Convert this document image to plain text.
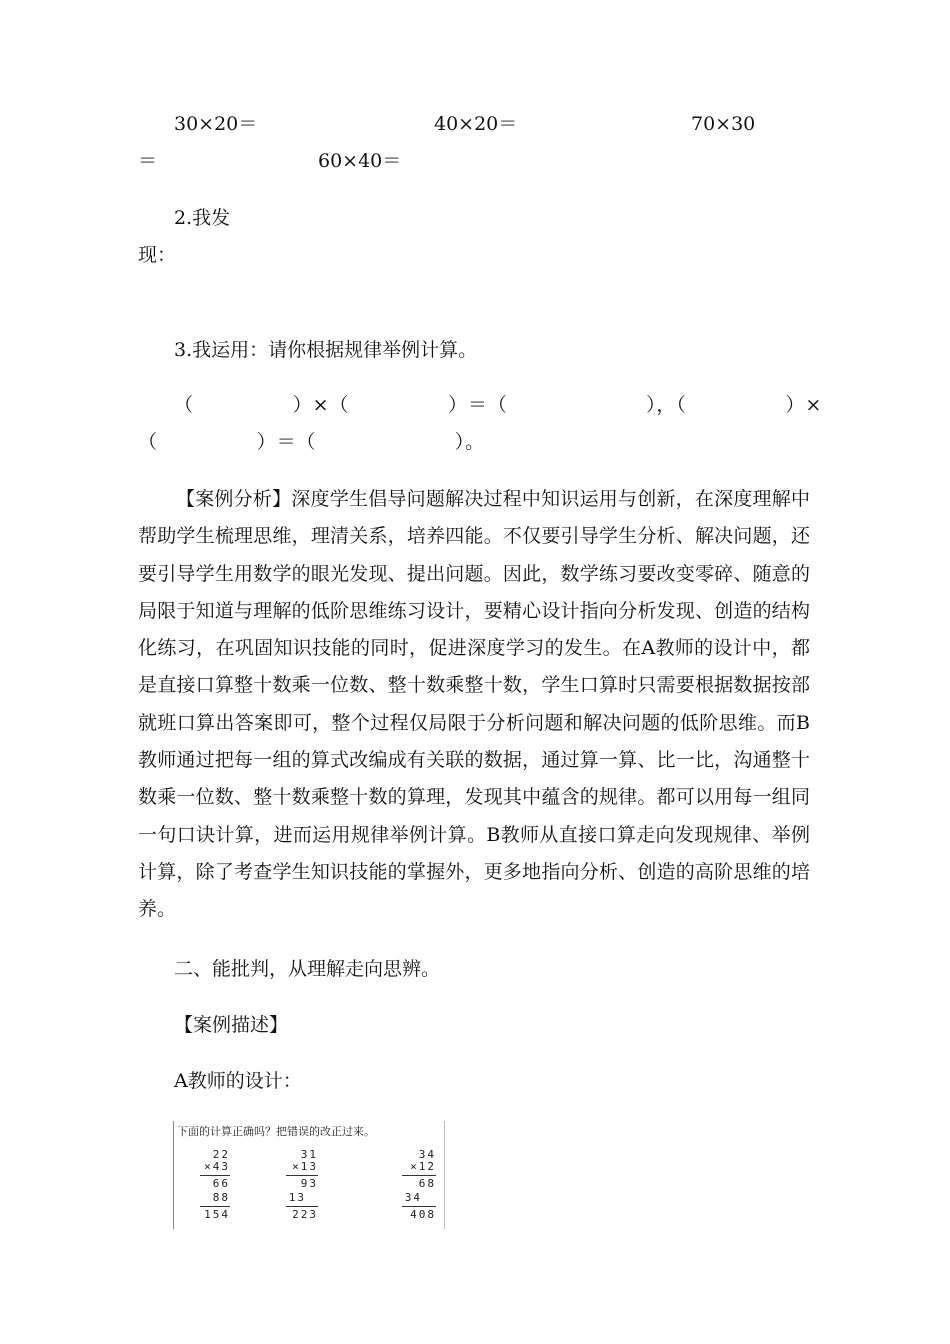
30×20＝	40×20＝	70×30
＝	60×40＝
2.我发
现：
3.我运用：请你根据规律举例计算。
（　　　　　）×（　　　　　）＝（　　　　　　　），（　　　　　）×
（　　　　　）＝（　　　　　　　）。
【案例分析】深度学生倡导问题解决过程中知识运用与创新，在深度理解中帮助学生梳理思维，理清关系，培养四能。不仅要引导学生分析、解决问题，还要引导学生用数学的眼光发现、提出问题。因此，数学练习要改变零碎、随意的局限于知道与理解的低阶思维练习设计，要精心设计指向分析发现、创造的结构化练习，在巩固知识技能的同时，促进深度学习的发生。在A教师的设计中，都是直接口算整十数乘一位数、整十数乘整十数，学生口算时只需要根据数据按部就班口算出答案即可，整个过程仅局限于分析问题和解决问题的低阶思维。而B教师通过把每一组的算式改编成有关联的数据，通过算一算、比一比，沟通整十数乘一位数、整十数乘整十数的算理，发现其中蕴含的规律。都可以用每一组同一句口诀计算，进而运用规律举例计算。B教师从直接口算走向发现规律、举例计算，除了考查学生知识技能的掌握外，更多地指向分析、创造的高阶思维的培养。
二、能批判，从理解走向思辨。
【案例描述】
A教师的设计：
下面的计算正确吗？把错误的改正过来。
22
×43
66
88
154
31
×13
93
13
223
34
×12
68
34
408
